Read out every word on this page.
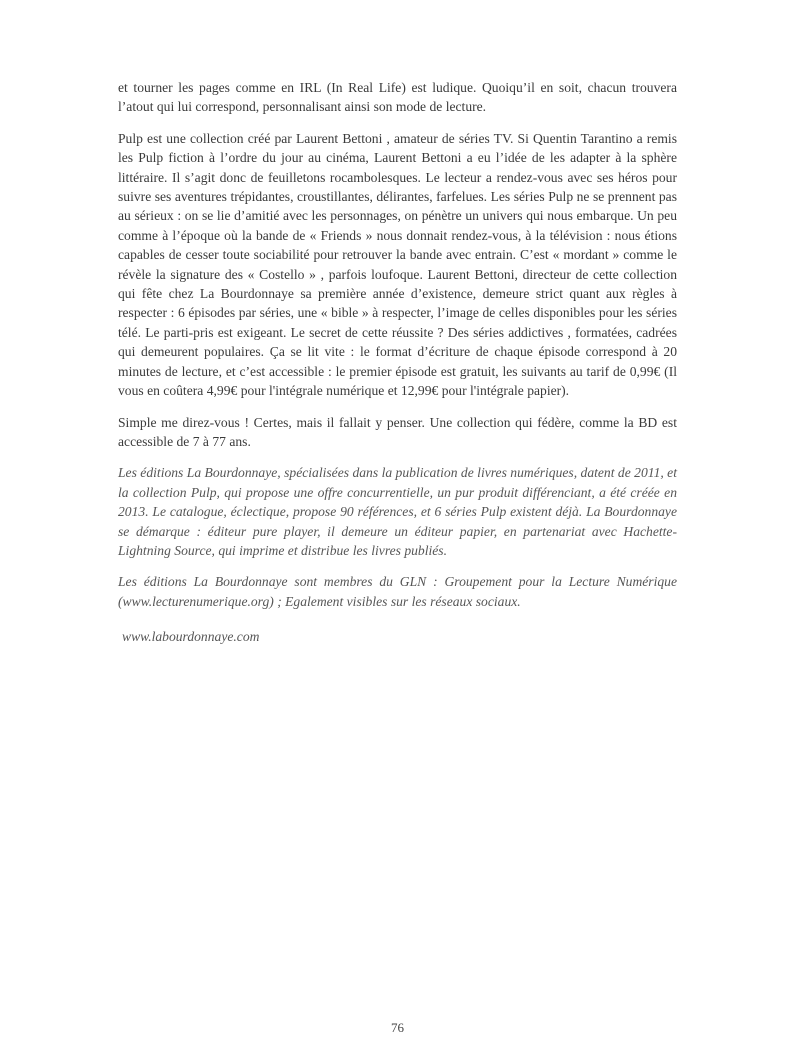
et tourner les pages comme en IRL (In Real Life) est ludique. Quoiqu’il en soit, chacun trouvera l’atout qui lui correspond, personnalisant ainsi son mode de lecture.

Pulp est une collection créé par Laurent Bettoni , amateur de séries TV. Si Quentin Tarantino a remis les Pulp fiction à l’ordre du jour au cinéma, Laurent Bettoni a eu l’idée de les adapter à la sphère littéraire. Il s’agit donc de feuilletons rocambolesques. Le lecteur a rendez-vous avec ses héros pour suivre ses aventures trépidantes, croustillantes, délirantes, farfelues. Les séries Pulp ne se prennent pas au sérieux : on se lie d’amitié avec les personnages, on pénètre un univers qui nous embarque. Un peu comme à l’époque où la bande de « Friends » nous donnait rendez-vous, à la télévision : nous étions capables de cesser toute sociabilité pour retrouver la bande avec entrain. C’est « mordant » comme le révèle la signature des « Costello » , parfois loufoque. Laurent Bettoni, directeur de cette collection qui fête chez La Bourdonnaye sa première année d’existence, demeure strict quant aux règles à respecter : 6 épisodes par séries, une « bible » à respecter, l’image de celles disponibles pour les séries télé. Le parti-pris est exigeant. Le secret de cette réussite ? Des séries addictives , formatées, cadrées qui demeurent populaires. Ça se lit vite : le format d’écriture de chaque épisode correspond à 20 minutes de lecture, et c’est accessible : le premier épisode est gratuit, les suivants au tarif de 0,99€ (Il vous en coûtera 4,99€ pour l'intégrale numérique et 12,99€ pour l'intégrale papier).

Simple me direz-vous ! Certes, mais il fallait y penser. Une collection qui fédère, comme la BD est accessible de 7 à 77 ans.

Les éditions La Bourdonnaye, spécialisées dans la publication de livres numériques, datent de 2011, et la collection Pulp, qui propose une offre concurrentielle, un pur produit différenciant, a été créée en 2013. Le catalogue, éclectique, propose 90 références, et 6 séries Pulp existent déjà. La Bourdonnaye se démarque : éditeur pure player, il demeure un éditeur papier, en partenariat avec Hachette-Lightning Source, qui imprime et distribue les livres publiés.

Les éditions La Bourdonnaye sont membres du GLN : Groupement pour la Lecture Numérique (www.lecturenumerique.org) ; Egalement visibles sur les réseaux sociaux.

www.labourdonnaye.com

76
